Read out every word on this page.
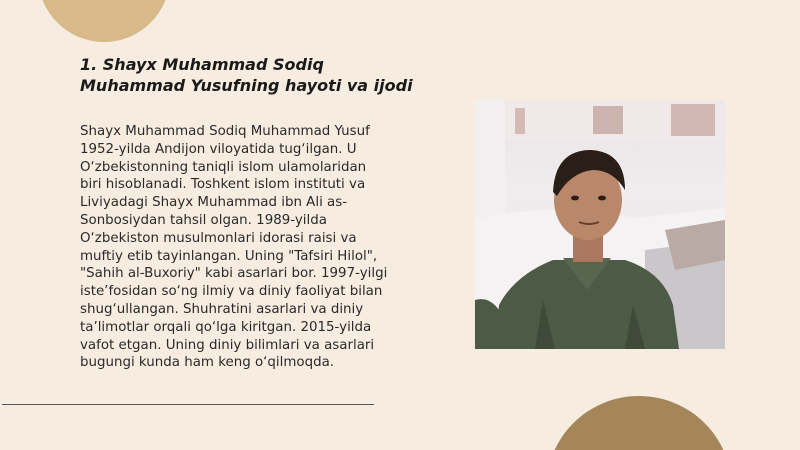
1. Shayx Muhammad Sodiq
Muhammad Yusufning hayoti va ijodi

Shayx Muhammad Sodiq Muhammad Yusuf
1952-yilda Andijon viloyatida tug‘ilgan. U
O‘zbekistonning taniqli islom ulamolaridan
biri hisoblanadi. Toshkent islom instituti va
Liviyadagi Shayx Muhammad ibn Ali as-
Sonbosiydan tahsil olgan. 1989-yilda
O‘zbekiston musulmonlari idorasi raisi va
muftiy etib tayinlangan. Uning "Tafsiri Hilol",
"Sahih al-Buxoriy" kabi asarlari bor. 1997-yilgi
iste’fosidan so‘ng ilmiy va diniy faoliyat bilan
shug‘ullangan. Shuhratini asarlari va diniy
ta’limotlar orqali qo‘lga kiritgan. 2015-yilda
vafot etgan. Uning diniy bilimlari va asarlari
bugungi kunda ham keng o‘qilmoqda.
